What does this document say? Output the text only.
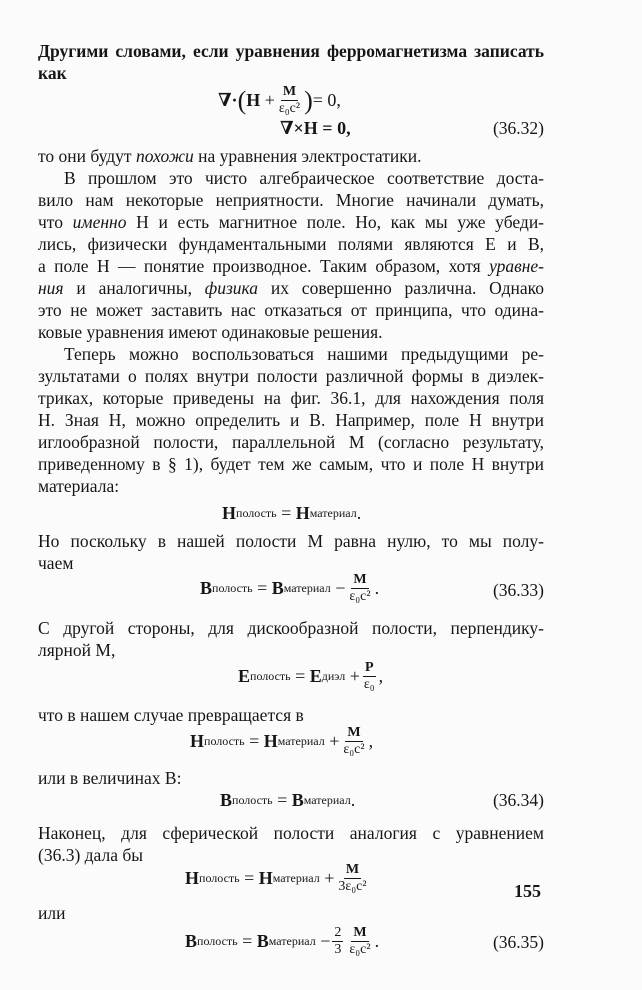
Другими словами, если уравнения ферромагнетизма записать
как
∇· ( H
+ $\frac{M}{\text{ε₀c²}}$ ) = 0,
∇×H = 0,	(36.32)
то они будут похожи на уравнения электростатики.
В прошлом это чисто алгебраическое соответствие доста-
вило нам некоторые неприятности. Многие начинали думать,
что именно H и есть магнитное поле. Но, как мы уже убеди-
лись, физически фундаментальными полями являются E и B,
а поле H — понятие производное. Таким образом, хотя уравне-
ния и аналогичны, физика их совершенно различна. Однако
это не может заставить нас отказаться от принципа, что одина-
ковые уравнения имеют одинаковые решения.
Теперь можно воспользоваться нашими предыдущими ре-
зультатами о полях внутри полости различной формы в диэлек-
триках, которые приведены на фиг. 36.1, для нахождения поля
H. Зная H, можно определить и B. Например, поле H внутри
иглообразной полости, параллельной M (согласно результату,
приведенному в § 1), будет тем же самым, что и поле H внутри
материала:
H полость
=
H материал .
Но поскольку в нашей полости M равна нулю, то мы полу-
чаем
B полость
=
B материал
− $\frac{M}{\text{ε₀c²}}$ .	(36.33)
С другой стороны, для дискообразной полости, перпендику-
лярной M,
E полость
=
E диэл
+ $\frac{P}{\text{ε₀}}$ ,
что в нашем случае превращается в
H полость
=
H материал
+ $\frac{M}{\text{ε₀c²}}$ ,
или в величинах B:
B полость
=
B материал .	(36.34)
Наконец, для сферической полости аналогия с уравнением
(36.3) дала бы
H полость
=
H материал
+ $\frac{M}{\text{3ε₀c²}}$
или
B полость
=
B материал
− $\frac{2}{3} \frac{M}{\text{ε₀c²}}$ .	(36.35)
155
